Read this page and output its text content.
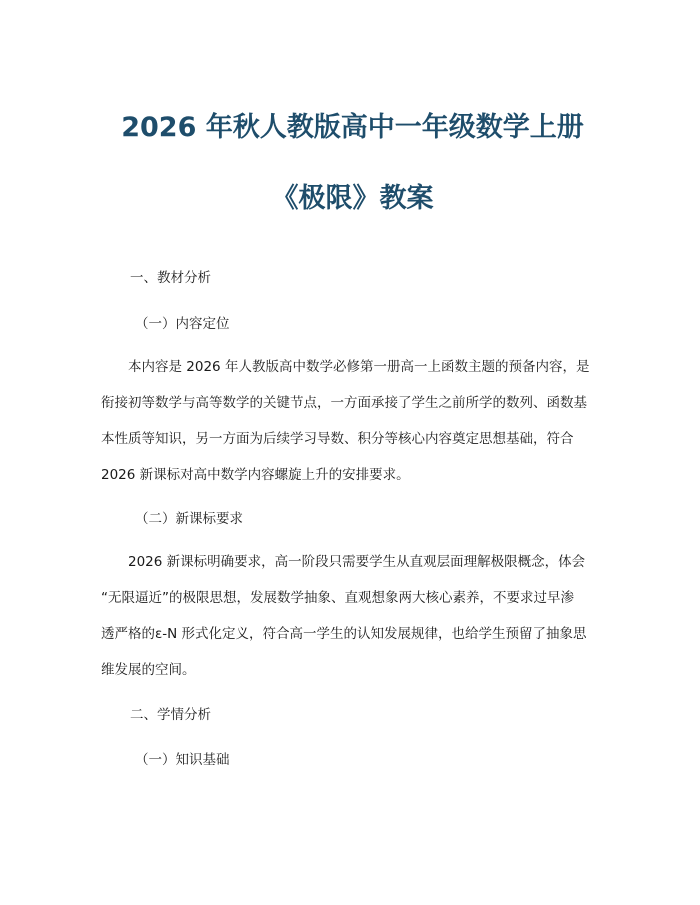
2026 年秋人教版高中一年级数学上册
《极限》教案

一、教材分析

（一）内容定位

本内容是 2026 年人教版高中数学必修第一册高一上函数主题的预备内容，是
衔接初等数学与高等数学的关键节点，一方面承接了学生之前所学的数列、函数基
本性质等知识，另一方面为后续学习导数、积分等核心内容奠定思想基础，符合
2026 新课标对高中数学内容螺旋上升的安排要求。

（二）新课标要求

2026 新课标明确要求，高一阶段只需要学生从直观层面理解极限概念，体会
“无限逼近”的极限思想，发展数学抽象、直观想象两大核心素养，不要求过早渗
透严格的ε-N 形式化定义，符合高一学生的认知发展规律，也给学生预留了抽象思
维发展的空间。

二、学情分析

（一）知识基础
